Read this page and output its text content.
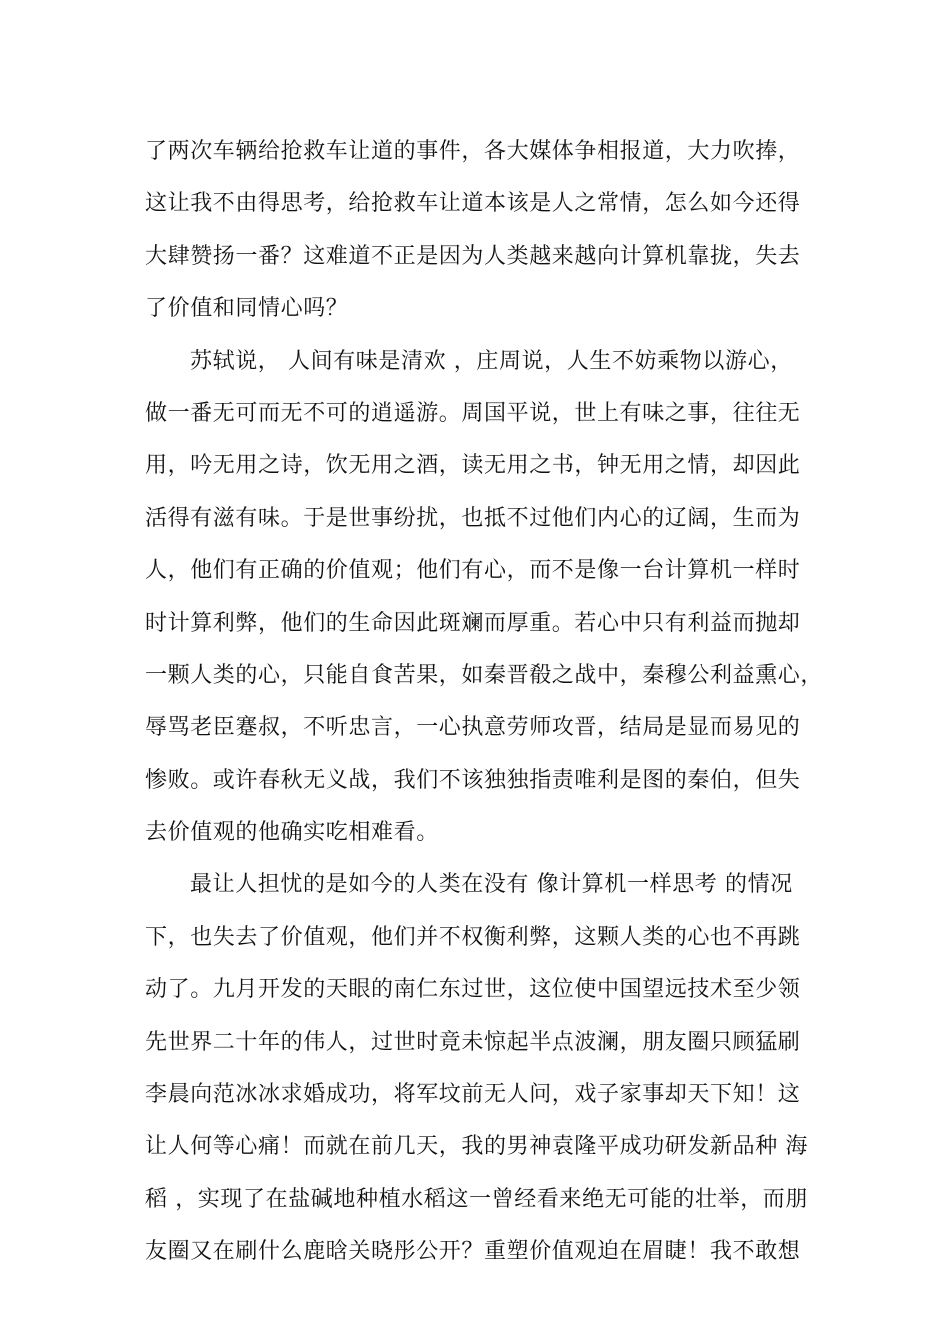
了两次车辆给抢救车让道的事件，各大媒体争相报道，大力吹捧，
这让我不由得思考，给抢救车让道本该是人之常情，怎么如今还得
大肆赞扬一番？这难道不正是因为人类越来越向计算机靠拢，失去
了价值和同情心吗？
苏轼说， 人间有味是清欢 ，庄周说，人生不妨乘物以游心，
做一番无可而无不可的逍遥游。周国平说，世上有味之事，往往无
用，吟无用之诗，饮无用之酒，读无用之书，钟无用之情，却因此
活得有滋有味。于是世事纷扰，也抵不过他们内心的辽阔，生而为
人，他们有正确的价值观；他们有心，而不是像一台计算机一样时
时计算利弊，他们的生命因此斑斓而厚重。若心中只有利益而抛却
一颗人类的心，只能自食苦果，如秦晋殽之战中，秦穆公利益熏心，
辱骂老臣蹇叔，不听忠言，一心执意劳师攻晋，结局是显而易见的
惨败。或许春秋无义战，我们不该独独指责唯利是图的秦伯，但失
去价值观的他确实吃相难看。
最让人担忧的是如今的人类在没有 像计算机一样思考 的情况
下，也失去了价值观，他们并不权衡利弊，这颗人类的心也不再跳
动了。九月开发的天眼的南仁东过世，这位使中国望远技术至少领
先世界二十年的伟人，过世时竟未惊起半点波澜，朋友圈只顾猛刷
李晨向范冰冰求婚成功，将军坟前无人问，戏子家事却天下知！这
让人何等心痛！而就在前几天，我的男神袁隆平成功研发新品种 海
稻 ，实现了在盐碱地种植水稻这一曾经看来绝无可能的壮举，而朋
友圈又在刷什么鹿晗关晓彤公开？重塑价值观迫在眉睫！我不敢想
